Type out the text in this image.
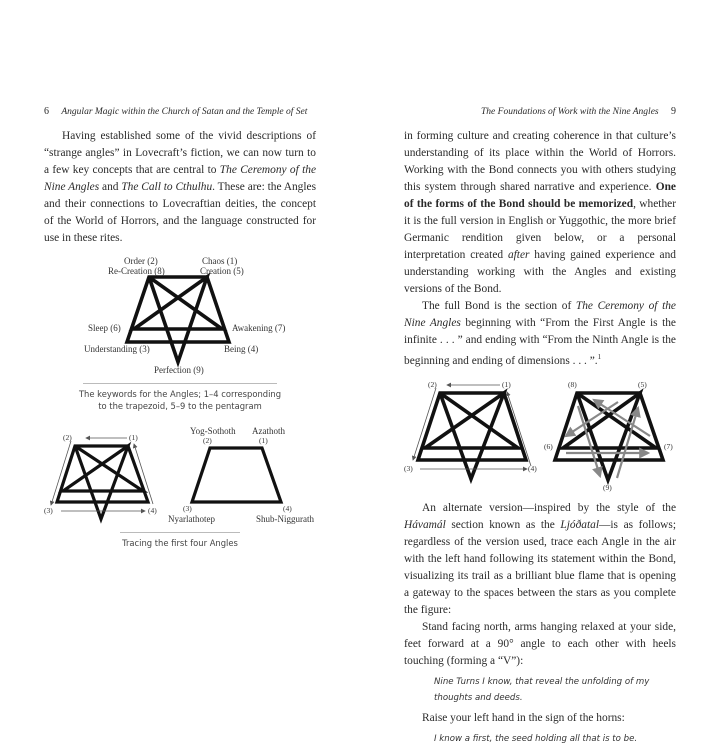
6 Angular Magic within the Church of Satan and the Temple of Set

Having established some of the vivid descriptions of “strange angles” in Lovecraft’s fiction, we can now turn to a few key concepts that are central to The Ceremony of the Nine Angles and The Call to Cthulhu. These are: the Angles and their connections to Lovecraftian deities, the concept of the World of Horrors, and the language constructed for use in these rites.

Order (2)	Chaos (1)
Re-Creation (8)	Creation (5)
Sleep (6)	Awakening (7)
Understanding (3)	Being (4)
Perfection (9)
The keywords for the Angles; 1–4 corresponding
to the trapezoid, 5–9 to the pentagram
(2)	(1)
(3)	(4)
Yog-Sothoth Azathoth
(2)	(1)
(3)	(4)
Nyarlathotep	Shub-Niggurath
Tracing the first four Angles
The Foundations of Work with the Nine Angles 9

in forming culture and creating coherence in that culture’s understanding of its place within the World of Horrors. Working with the Bond connects you with others studying this system through shared narrative and experience. One of the forms of the Bond should be memorized, whether it is the full version in English or Yuggothic, the more brief Germanic rendition given below, or a personal interpretation created after having gained experience and understanding working with the Angles and existing versions of the Bond.

The full Bond is the section of The Ceremony of the Nine Angles beginning with “From the First Angle is the infinite . . . ” and ending with “From the Ninth Angle is the beginning and ending of dimensions . . . ”.$^1$

(2)	(1)
(3)	(4)
(8)	(5)
(6)	(7)
(9)

An alternate version—inspired by the style of the Hávamál section known as the Ljóðatal—is as follows; regardless of the version used, trace each Angle in the air with the left hand following its statement within the Bond, visualizing its trail as a brilliant blue flame that is opening a gateway to the spaces between the stars as you complete the figure:

Stand facing north, arms hanging relaxed at your side, feet forward at a 90° angle to each other with heels touching (forming a “V”):

Nine Turns I know, that reveal the unfolding of my thoughts and deeds.

Raise your left hand in the sign of the horns:

I know a first, the seed holding all that is to be.
